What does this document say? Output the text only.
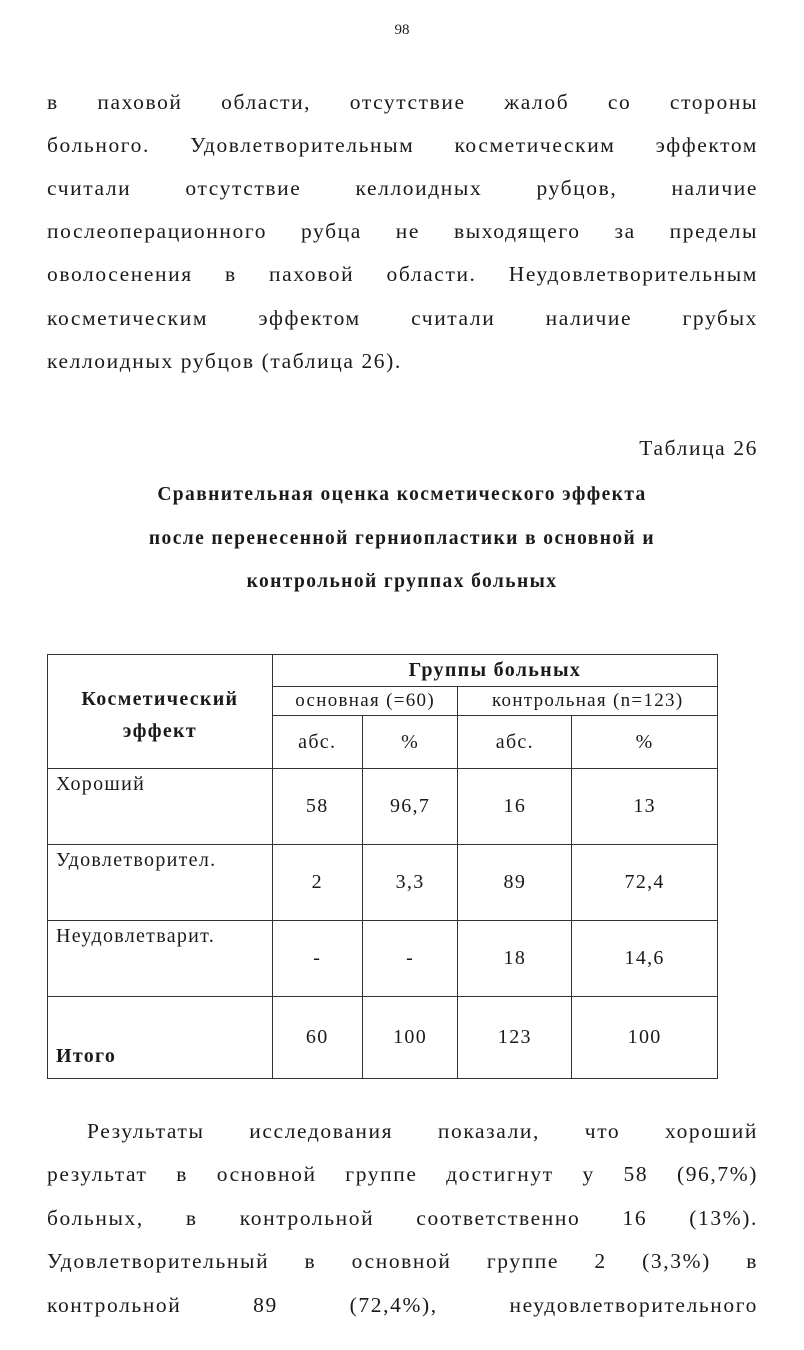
98
в паховой области, отсутствие жалоб со стороны
больного. Удовлетворительным косметическим эффектом
считали отсутствие келлоидных рубцов, наличие
послеоперационного рубца не выходящего за пределы
оволосенения в паховой области. Неудовлетворительным
косметическим эффектом считали наличие грубых
келлоидных рубцов (таблица 26).
Таблица 26
Сравнительная оценка косметического эффекта
после перенесенной герниопластики в основной и
контрольной группах больных
Косметический
эффект	Группы больных			
	основная (=60)		контрольная (n=123)	
	абс.	%	абс.	%
Хороший	58	96,7	16	13
Удовлетворител.	2	3,3	89	72,4
Неудовлетварит.	-	-	18	14,6
Итого	60	100	123	100
Результаты исследования показали, что хороший
результат в основной группе достигнут у 58 (96,7%)
больных, в контрольной соответственно 16 (13%).
Удовлетворительный в основной группе 2 (3,3%) в
контрольной 89 (72,4%), неудовлетворительного
